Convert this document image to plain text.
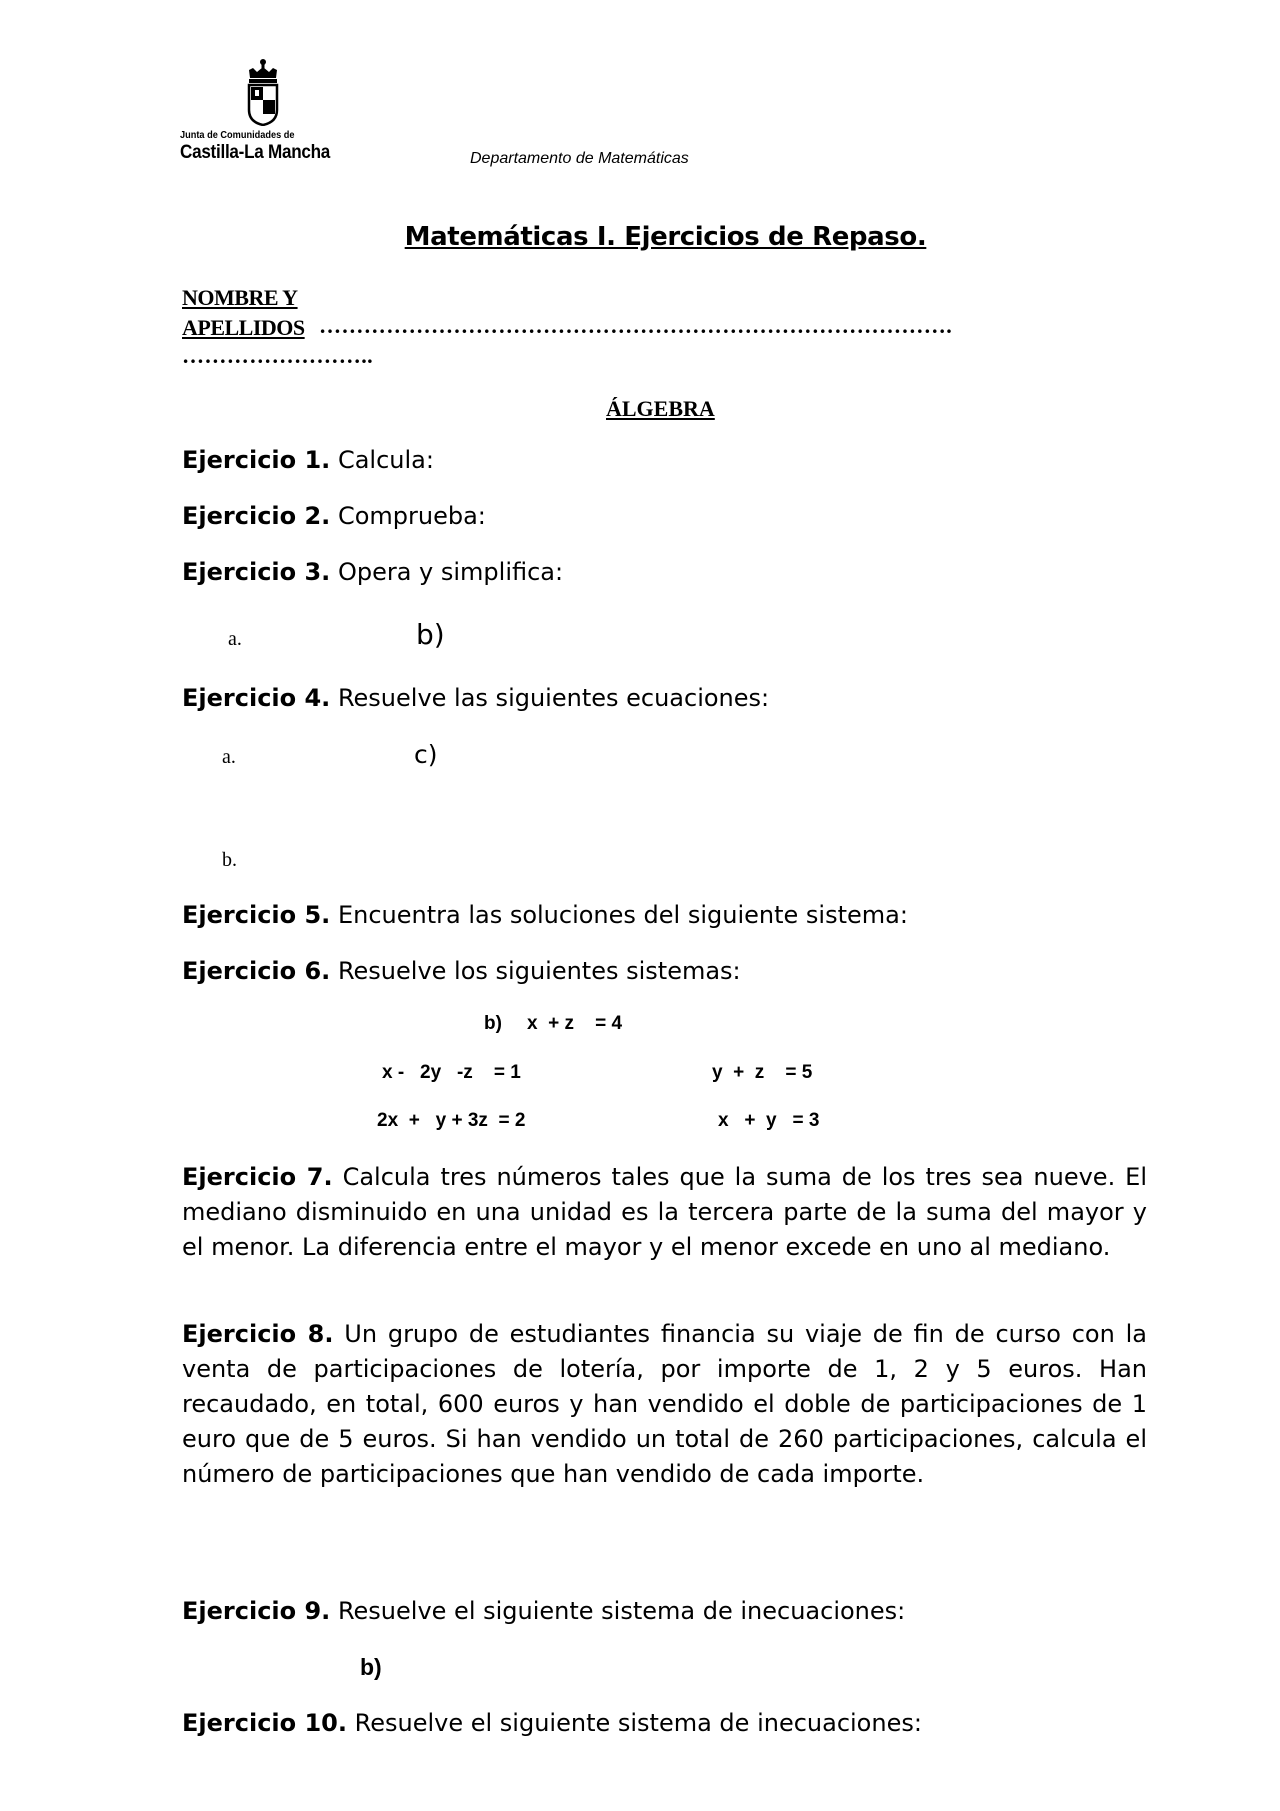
Junta de Comunidades de
Castilla-La Mancha	Departamento de Matemáticas
Matemáticas I. Ejercicios de Repaso.
NOMBRE Y
APELLIDOS ………………………………………………………………………….
……………………..
ÁLGEBRA
Ejercicio 1. Calcula:
Ejercicio 2. Comprueba:
Ejercicio 3. Opera y simplifica:
a.	b)
Ejercicio 4. Resuelve las siguientes ecuaciones:
a.	c)
b.
Ejercicio 5. Encuentra las soluciones del siguiente sistema:
Ejercicio 6. Resuelve los siguientes sistemas:
b) x  + z    = 4
x -   2y   -z    = 1	y  +  z    = 5
2x  +   y + 3z  = 2	x   +  y   = 3
Ejercicio 7. Calcula tres números tales que la suma de los tres sea nueve. El mediano disminuido en una unidad es la tercera parte de la suma del mayor y el menor. La diferencia entre el mayor y el menor excede en uno al mediano.
Ejercicio 8. Un grupo de estudiantes financia su viaje de fin de curso con la venta de participaciones de lotería, por importe de 1, 2 y 5 euros. Han recaudado, en total, 600 euros y han vendido el doble de participaciones de 1 euro que de 5 euros. Si han vendido un total de 260 participaciones, calcula el número de participaciones que han vendido de cada importe.
Ejercicio 9. Resuelve el siguiente sistema de inecuaciones:
b)
Ejercicio 10. Resuelve el siguiente sistema de inecuaciones:
